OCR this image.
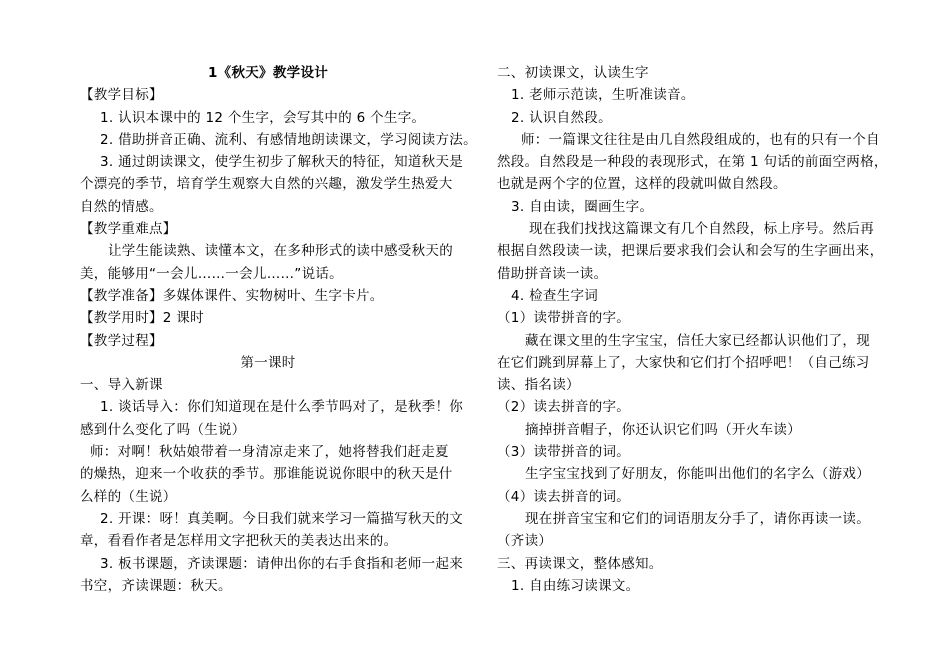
1《秋天》教学设计
【教学目标】
1. 认识本课中的 12 个生字，会写其中的 6 个生字。
2. 借助拼音正确、流利、有感情地朗读课文，学习阅读方法。
3. 通过朗读课文，使学生初步了解秋天的特征，知道秋天是
个漂亮的季节，培育学生观察大自然的兴趣，激发学生热爱大
自然的情感。
【教学重难点】
让学生能读熟、读懂本文，在多种形式的读中感受秋天的
美，能够用“一会儿……一会儿……”说话。
【教学准备】多媒体课件、实物树叶、生字卡片。
【教学用时】2 课时
【教学过程】
第一课时
一、导入新课
1. 谈话导入：你们知道现在是什么季节吗对了，是秋季！你
感到什么变化了吗（生说）
师：对啊！秋姑娘带着一身清凉走来了，她将替我们赶走夏
的燥热，迎来一个收获的季节。那谁能说说你眼中的秋天是什
么样的（生说）
2. 开课：呀！真美啊。今日我们就来学习一篇描写秋天的文
章，看看作者是怎样用文字把秋天的美表达出来的。
3. 板书课题，齐读课题：请伸出你的右手食指和老师一起来
书空，齐读课题：秋天。
二、初读课文，认读生字
1. 老师示范读，生听准读音。
2. 认识自然段。
师：一篇课文往往是由几自然段组成的，也有的只有一个自
然段。自然段是一种段的表现形式，在第 1 句话的前面空两格，
也就是两个字的位置，这样的段就叫做自然段。
3. 自由读，圈画生字。
现在我们找找这篇课文有几个自然段，标上序号。然后再
根据自然段读一读，把课后要求我们会认和会写的生字画出来，
借助拼音读一读。
4. 检查生字词
（1）读带拼音的字。
藏在课文里的生字宝宝，信任大家已经都认识他们了，现
在它们跳到屏幕上了，大家快和它们打个招呼吧！（自己练习
读、指名读）
（2）读去拼音的字。
摘掉拼音帽子，你还认识它们吗（开火车读）
（3）读带拼音的词。
生字宝宝找到了好朋友，你能叫出他们的名字么（游戏）
（4）读去拼音的词。
现在拼音宝宝和它们的词语朋友分手了，请你再读一读。
（齐读）
三、再读课文，整体感知。
1. 自由练习读课文。
